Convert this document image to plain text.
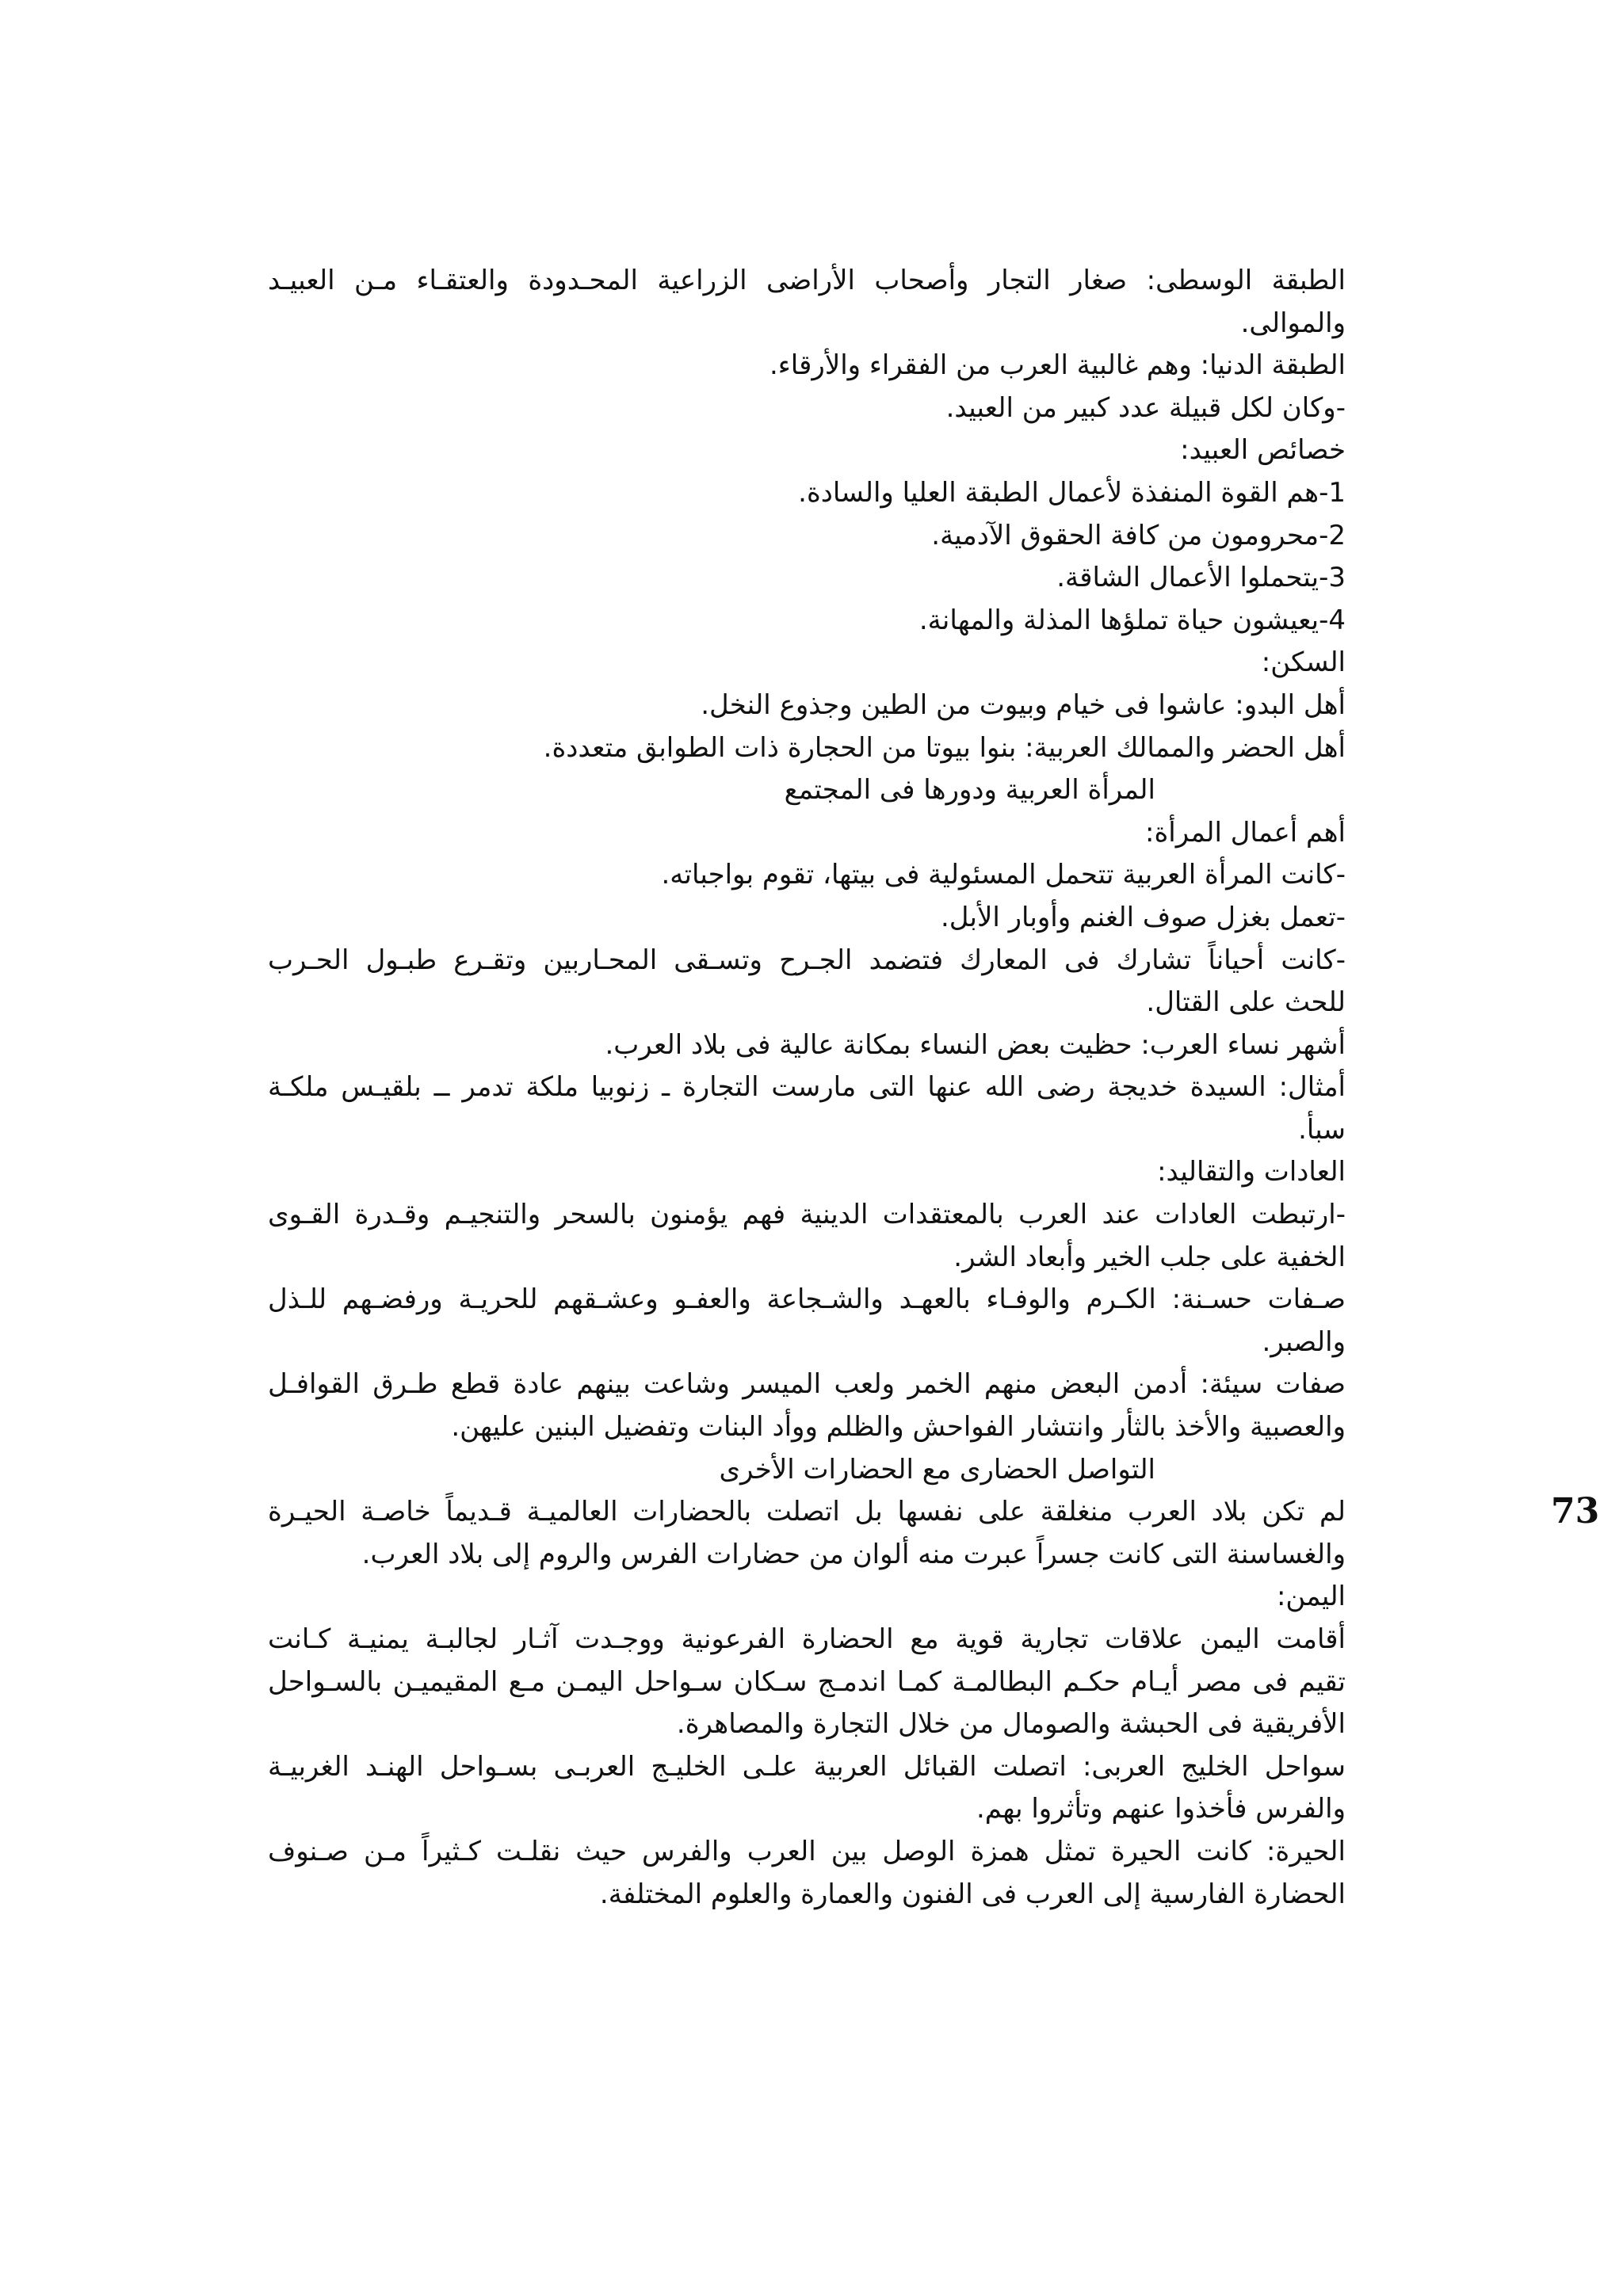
الطبقة الوسطى: صغار التجار وأصحاب الأراضى الزراعية المحـدودة والعتقـاء مـن العبيـد
والموالى.
الطبقة الدنيا: وهم غالبية العرب من الفقراء والأرقاء.
-وكان لكل قبيلة عدد كبير من العبيد.
خصائص العبيد:
1-هم القوة المنفذة لأعمال الطبقة العليا والسادة.
2-محرومون من كافة الحقوق الآدمية.
3-يتحملوا الأعمال الشاقة.
4-يعيشون حياة تملؤها المذلة والمهانة.
السكن:
أهل البدو: عاشوا فى خيام وبيوت من الطين وجذوع النخل.
أهل الحضر والممالك العربية: بنوا بيوتا من الحجارة ذات الطوابق متعددة.
المرأة العربية ودورها فى المجتمع
أهم أعمال المرأة:
-كانت المرأة العربية تتحمل المسئولية فى بيتها، تقوم بواجباته.
-تعمل بغزل صوف الغنم وأوبار الأبل.
-كانت أحياناً تشارك فى المعارك فتضمد الجـرح وتسـقى المحـاربين وتقـرع طبـول الحـرب
للحث على القتال.
أشهر نساء العرب: حظيت بعض النساء بمكانة عالية فى بلاد العرب.
أمثال: السيدة خديجة رضى الله عنها التى مارست التجارة ـ زنوبيا ملكة تدمر ــ بلقيـس ملكـة
سبأ.
العادات والتقاليد:
-ارتبطت العادات عند العرب بالمعتقدات الدينية فهم يؤمنون بالسحر والتنجيـم وقـدرة القـوى
الخفية على جلب الخير وأبعاد الشر.
صـفات حسـنة: الكـرم والوفـاء بالعهـد والشـجاعة والعفـو وعشـقهم للحريـة ورفضـهم للـذل
والصبر.
صفات سيئة: أدمن البعض منهم الخمر ولعب الميسر وشاعت بينهم عادة قطع طـرق القوافـل
والعصبية والأخذ بالثأر وانتشار الفواحش والظلم ووأد البنات وتفضيل البنين عليهن.
التواصل الحضارى مع الحضارات الأخرى
لم تكن بلاد العرب منغلقة على نفسها بل اتصلت بالحضارات العالميـة قـديماً خاصـة الحيـرة
والغساسنة التى كانت جسراً عبرت منه ألوان من حضارات الفرس والروم إلى بلاد العرب.
اليمن:
أقامت اليمن علاقات تجارية قوية مع الحضارة الفرعونية ووجـدت آثـار لجالبـة يمنيـة كـانت
تقيم فى مصر أيـام حكـم البطالمـة كمـا اندمـج سـكان سـواحل اليمـن مـع المقيميـن بالسـواحل
الأفريقية فى الحبشة والصومال من خلال التجارة والمصاهرة.
سواحل الخليج العربى: اتصلت القبائل العربية علـى الخليـج العربـى بسـواحل الهنـد الغربيـة
والفرس فأخذوا عنهم وتأثروا بهم.
الحيرة: كانت الحيرة تمثل همزة الوصل بين العرب والفرس حيث نقلـت كـثيراً مـن صـنوف
الحضارة الفارسية إلى العرب فى الفنون والعمارة والعلوم المختلفة.
73
